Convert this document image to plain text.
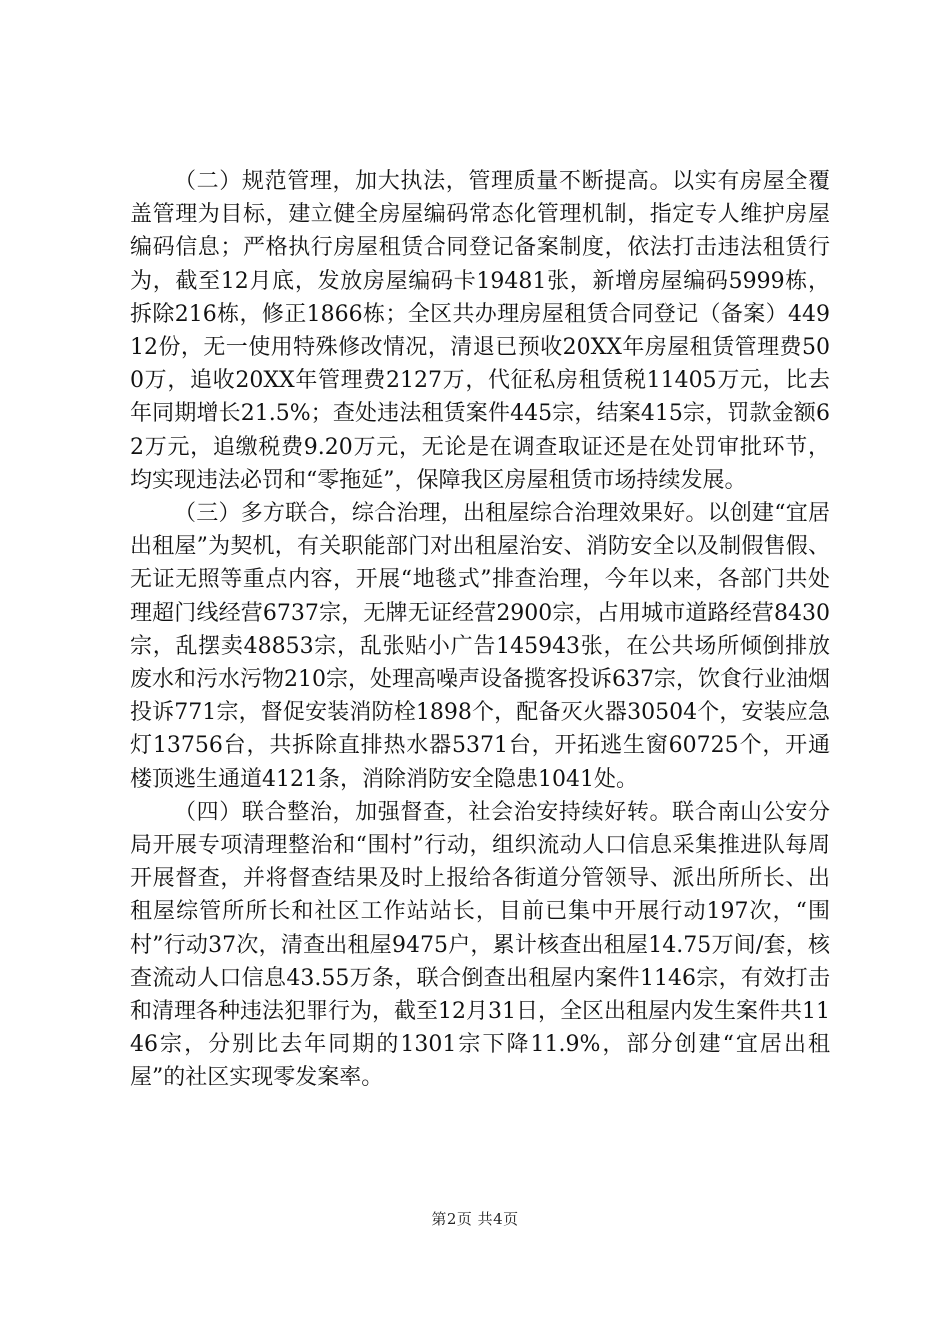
（二）规范管理，加大执法，管理质量不断提高。以实有房屋全覆盖管理为目标，建立健全房屋编码常态化管理机制，指定专人维护房屋编码信息；严格执行房屋租赁合同登记备案制度，依法打击违法租赁行为，截至12月底，发放房屋编码卡19481张，新增房屋编码5999栋，拆除216栋，修正1866栋；全区共办理房屋租赁合同登记（备案）44912份，无一使用特殊修改情况，清退已预收20XX年房屋租赁管理费500万，追收20XX年管理费2127万，代征私房租赁税11405万元，比去年同期增长21.5%；查处违法租赁案件445宗，结案415宗，罚款金额62万元，追缴税费9.20万元，无论是在调查取证还是在处罚审批环节，均实现违法必罚和“零拖延”，保障我区房屋租赁市场持续发展。

（三）多方联合，综合治理，出租屋综合治理效果好。以创建“宜居出租屋”为契机，有关职能部门对出租屋治安、消防安全以及制假售假、无证无照等重点内容，开展“地毯式”排查治理，今年以来，各部门共处理超门线经营6737宗，无牌无证经营2900宗，占用城市道路经营8430宗，乱摆卖48853宗，乱张贴小广告145943张，在公共场所倾倒排放废水和污水污物210宗，处理高噪声设备揽客投诉637宗，饮食行业油烟投诉771宗，督促安装消防栓1898个，配备灭火器30504个，安装应急灯13756台，共拆除直排热水器5371台，开拓逃生窗60725个，开通楼顶逃生通道4121条，消除消防安全隐患1041处。

（四）联合整治，加强督查，社会治安持续好转。联合南山公安分局开展专项清理整治和“围村”行动，组织流动人口信息采集推进队每周开展督查，并将督查结果及时上报给各街道分管领导、派出所所长、出租屋综管所所长和社区工作站站长，目前已集中开展行动197次，“围村”行动37次，清查出租屋9475户，累计核查出租屋14.75万间/套，核查流动人口信息43.55万条，联合倒查出租屋内案件1146宗，有效打击和清理各种违法犯罪行为，截至12月31日，全区出租屋内发生案件共1146宗，分别比去年同期的1301宗下降11.9%，部分创建“宜居出租屋”的社区实现零发案率。

第2页 共4页
